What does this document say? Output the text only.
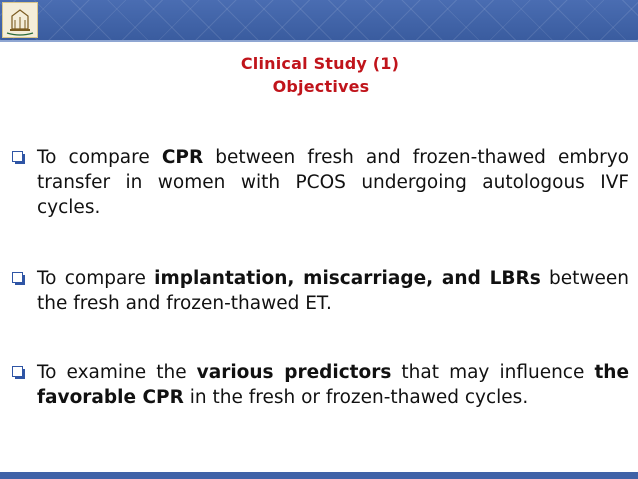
Clinical Study (1)
Objectives
To compare CPR between fresh and frozen-thawed embryo transfer in women with PCOS undergoing autologous IVF cycles.
To compare implantation, miscarriage, and LBRs between the fresh and frozen-thawed ET.
To examine the various predictors that may influence the favorable CPR in the fresh or frozen-thawed cycles.
